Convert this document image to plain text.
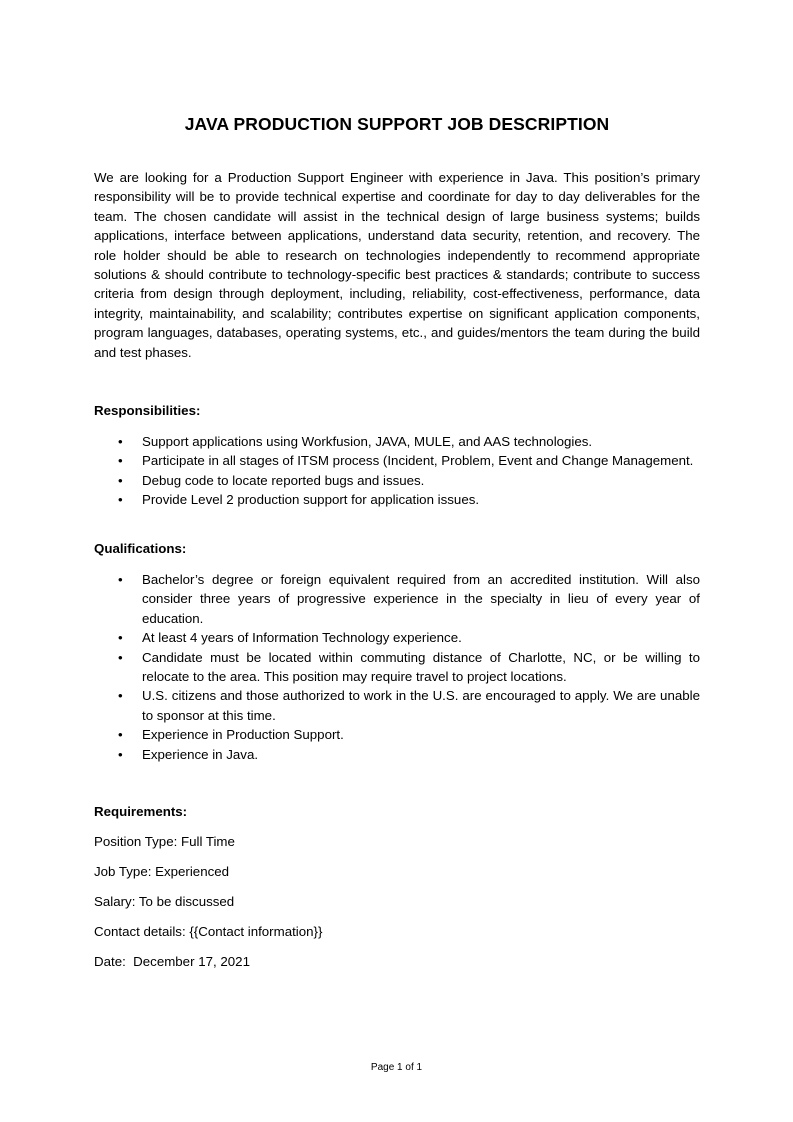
JAVA PRODUCTION SUPPORT JOB DESCRIPTION

We are looking for a Production Support Engineer with experience in Java. This position’s primary responsibility will be to provide technical expertise and coordinate for day to day deliverables for the team. The chosen candidate will assist in the technical design of large business systems; builds applications, interface between applications, understand data security, retention, and recovery. The role holder should be able to research on technologies independently to recommend appropriate solutions & should contribute to technology-specific best practices & standards; contribute to success criteria from design through deployment, including, reliability, cost-effectiveness, performance, data integrity, maintainability, and scalability; contributes expertise on significant application components, program languages, databases, operating systems, etc., and guides/mentors the team during the build and test phases.

Responsibilities:

•	Support applications using Workfusion, JAVA, MULE, and AAS technologies.
•	Participate in all stages of ITSM process (Incident, Problem, Event and Change Management.
•	Debug code to locate reported bugs and issues.
•	Provide Level 2 production support for application issues.

Qualifications:

•	Bachelor’s degree or foreign equivalent required from an accredited institution. Will also consider three years of progressive experience in the specialty in lieu of every year of education.
•	At least 4 years of Information Technology experience.
•	Candidate must be located within commuting distance of Charlotte, NC, or be willing to relocate to the area. This position may require travel to project locations.
•	U.S. citizens and those authorized to work in the U.S. are encouraged to apply. We are unable to sponsor at this time.
•	Experience in Production Support.
•	Experience in Java.

Requirements:

Position Type: Full Time

Job Type: Experienced

Salary: To be discussed

Contact details: {{Contact information}}

Date:  December 17, 2021

Page 1 of 1
